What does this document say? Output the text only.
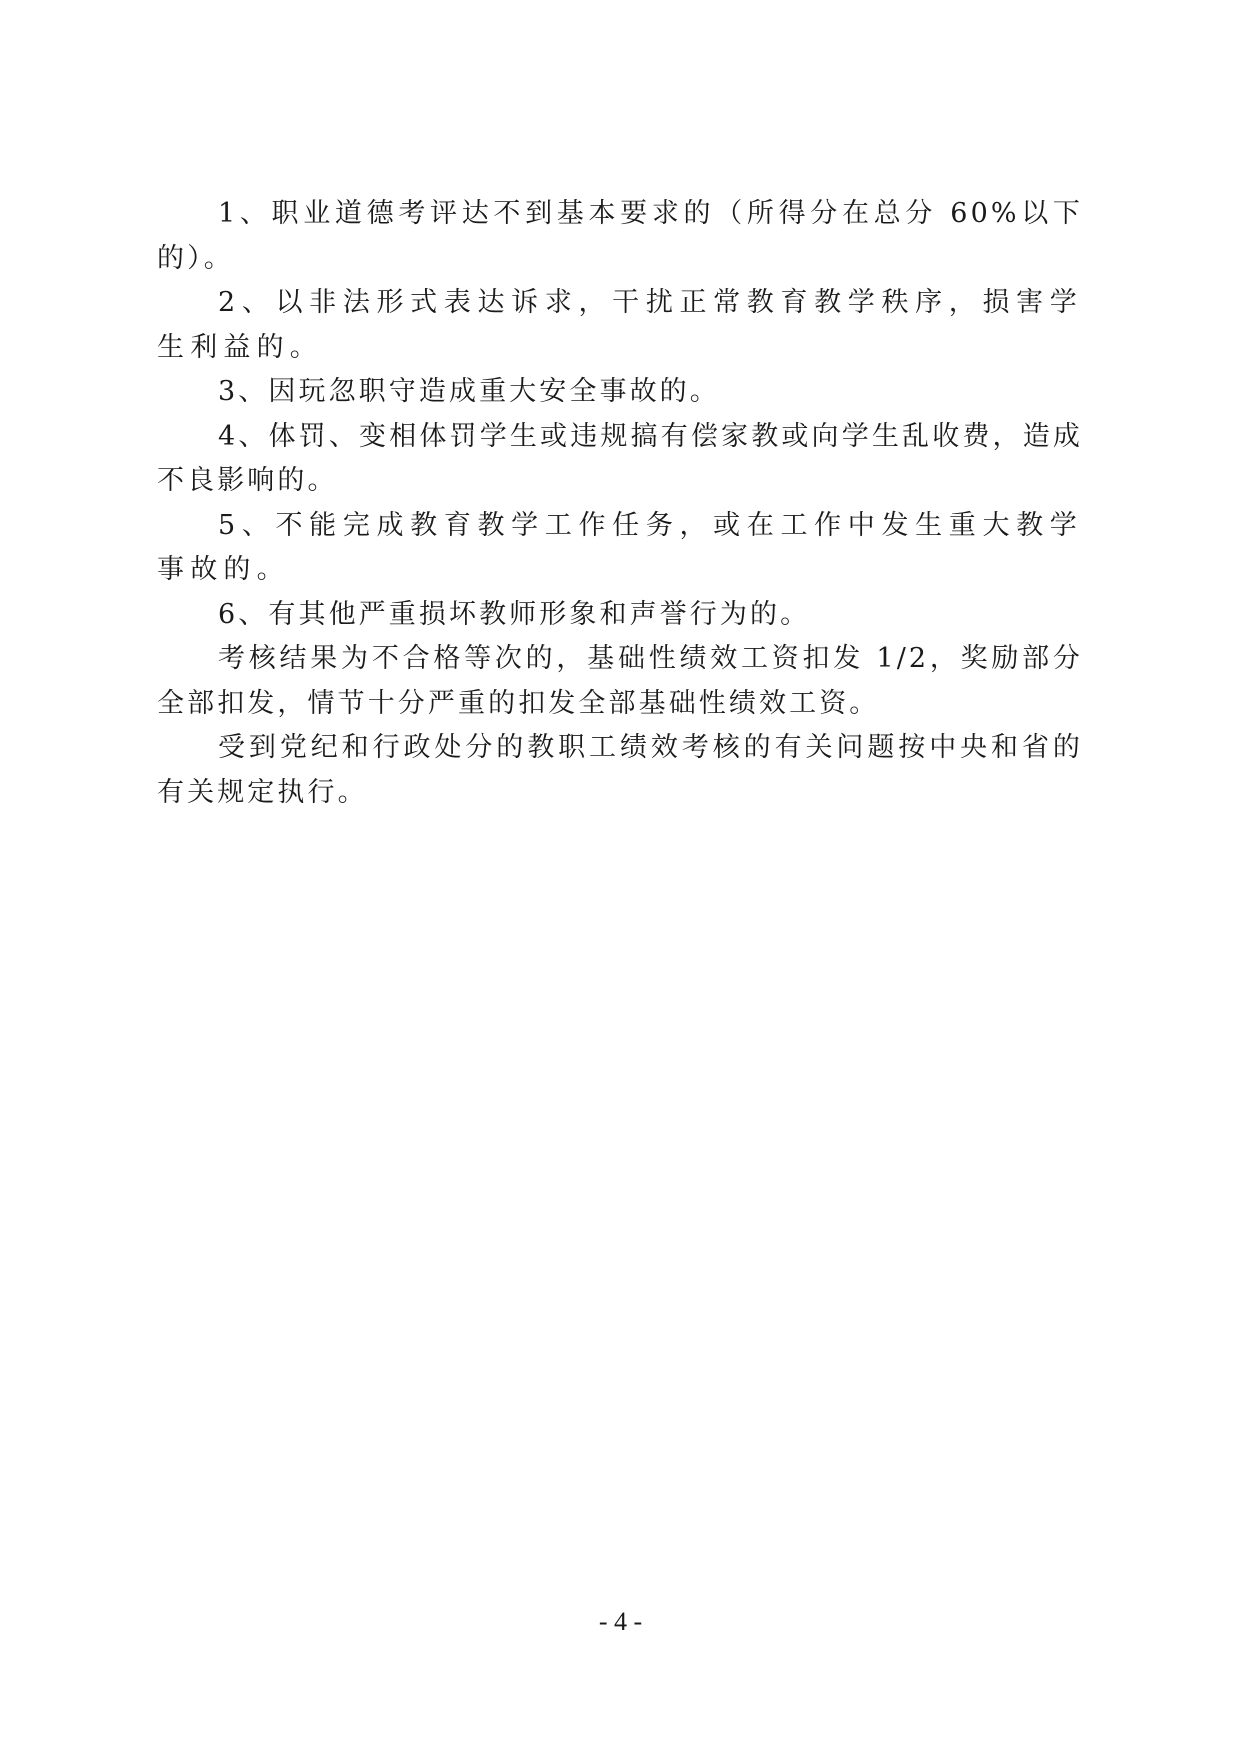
1、职业道德考评达不到基本要求的（所得分在总分 60%以下的）。

2、以非法形式表达诉求，干扰正常教育教学秩序，损害学生利益的。

3、因玩忽职守造成重大安全事故的。

4、体罚、变相体罚学生或违规搞有偿家教或向学生乱收费，造成不良影响的。

5、不能完成教育教学工作任务，或在工作中发生重大教学事故的。

6、有其他严重损坏教师形象和声誉行为的。

考核结果为不合格等次的，基础性绩效工资扣发 1/2，奖励部分全部扣发，情节十分严重的扣发全部基础性绩效工资。

受到党纪和行政处分的教职工绩效考核的有关问题按中央和省的有关规定执行。

- 4 -
